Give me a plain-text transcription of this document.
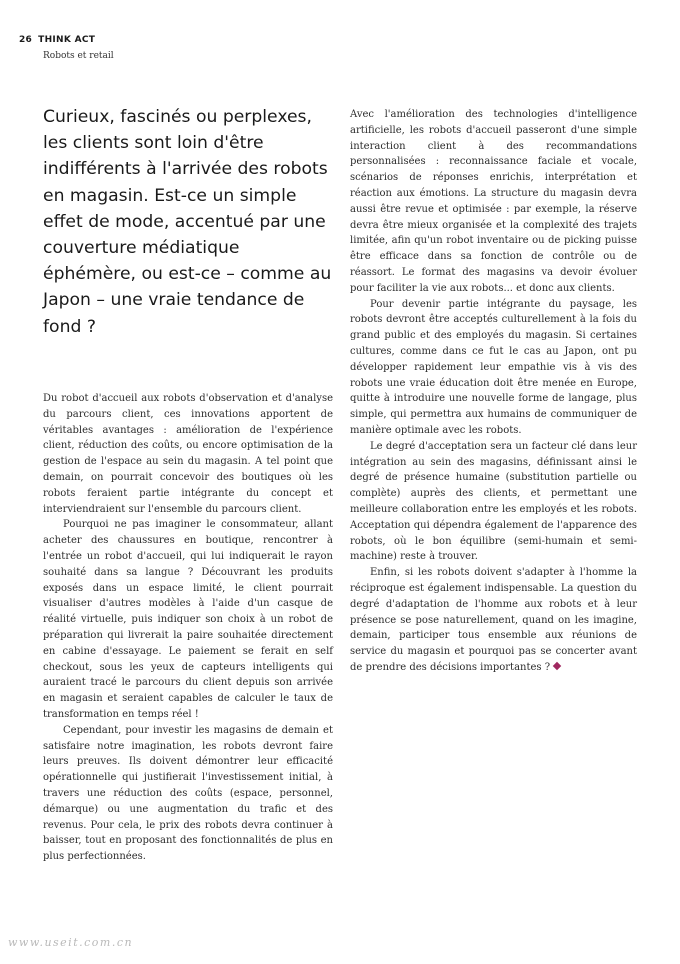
26 THINK ACT
Robots et retail
Curieux, fascinés ou perplexes, les clients sont loin d'être indifférents à l'arrivée des robots en magasin. Est-ce un simple effet de mode, accentué par une couverture médiatique éphémère, ou est-ce – comme au Japon – une vraie tendance de fond ?

Du robot d'accueil aux robots d'observation et d'analyse du parcours client, ces innovations apportent de véritables avantages : amélioration de l'expérience client, réduction des coûts, ou encore optimisation de la gestion de l'espace au sein du magasin. A tel point que demain, on pourrait concevoir des boutiques où les robots feraient partie intégrante du concept et interviendraient sur l'ensemble du parcours client.

Pourquoi ne pas imaginer le consommateur, allant acheter des chaussures en boutique, rencontrer à l'entrée un robot d'accueil, qui lui indiquerait le rayon souhaité dans sa langue ? Découvrant les produits exposés dans un espace limité, le client pourrait visualiser d'autres modèles à l'aide d'un casque de réalité virtuelle, puis indiquer son choix à un robot de préparation qui livrerait la paire souhaitée directement en cabine d'essayage. Le paiement se ferait en self checkout, sous les yeux de capteurs intelligents qui auraient tracé le parcours du client depuis son arrivée en magasin et seraient capables de calculer le taux de transformation en temps réel !

Cependant, pour investir les magasins de demain et satisfaire notre imagination, les robots devront faire leurs preuves. Ils doivent démontrer leur efficacité opérationnelle qui justifierait l'investissement initial, à travers une réduction des coûts (espace, personnel, démarque) ou une augmentation du trafic et des revenus. Pour cela, le prix des robots devra continuer à baisser, tout en proposant des fonctionnalités de plus en plus perfectionnées.

Avec l'amélioration des technologies d'intelligence artificielle, les robots d'accueil passeront d'une simple interaction client à des recommandations personnalisées : reconnaissance faciale et vocale, scénarios de réponses enrichis, interprétation et réaction aux émotions. La structure du magasin devra aussi être revue et optimisée : par exemple, la réserve devra être mieux organisée et la complexité des trajets limitée, afin qu'un robot inventaire ou de picking puisse être efficace dans sa fonction de contrôle ou de réassort. Le format des magasins va devoir évoluer pour faciliter la vie aux robots... et donc aux clients.

Pour devenir partie intégrante du paysage, les robots devront être acceptés culturellement à la fois du grand public et des employés du magasin. Si certaines cultures, comme dans ce fut le cas au Japon, ont pu développer rapidement leur empathie vis à vis des robots une vraie éducation doit être menée en Europe, quitte à introduire une nouvelle forme de langage, plus simple, qui permettra aux humains de communiquer de manière optimale avec les robots.

Le degré d'acceptation sera un facteur clé dans leur intégration au sein des magasins, définissant ainsi le degré de présence humaine (substitution partielle ou complète) auprès des clients, et permettant une meilleure collaboration entre les employés et les robots. Acceptation qui dépendra également de l'apparence des robots, où le bon équilibre (semi-humain et semi-machine) reste à trouver.

Enfin, si les robots doivent s'adapter à l'homme la réciproque est également indispensable. La question du degré d'adaptation de l'homme aux robots et à leur présence se pose naturellement, quand on les imagine, demain, participer tous ensemble aux réunions de service du magasin et pourquoi pas se concerter avant de prendre des décisions importantes ?

www.useit.com.cn
